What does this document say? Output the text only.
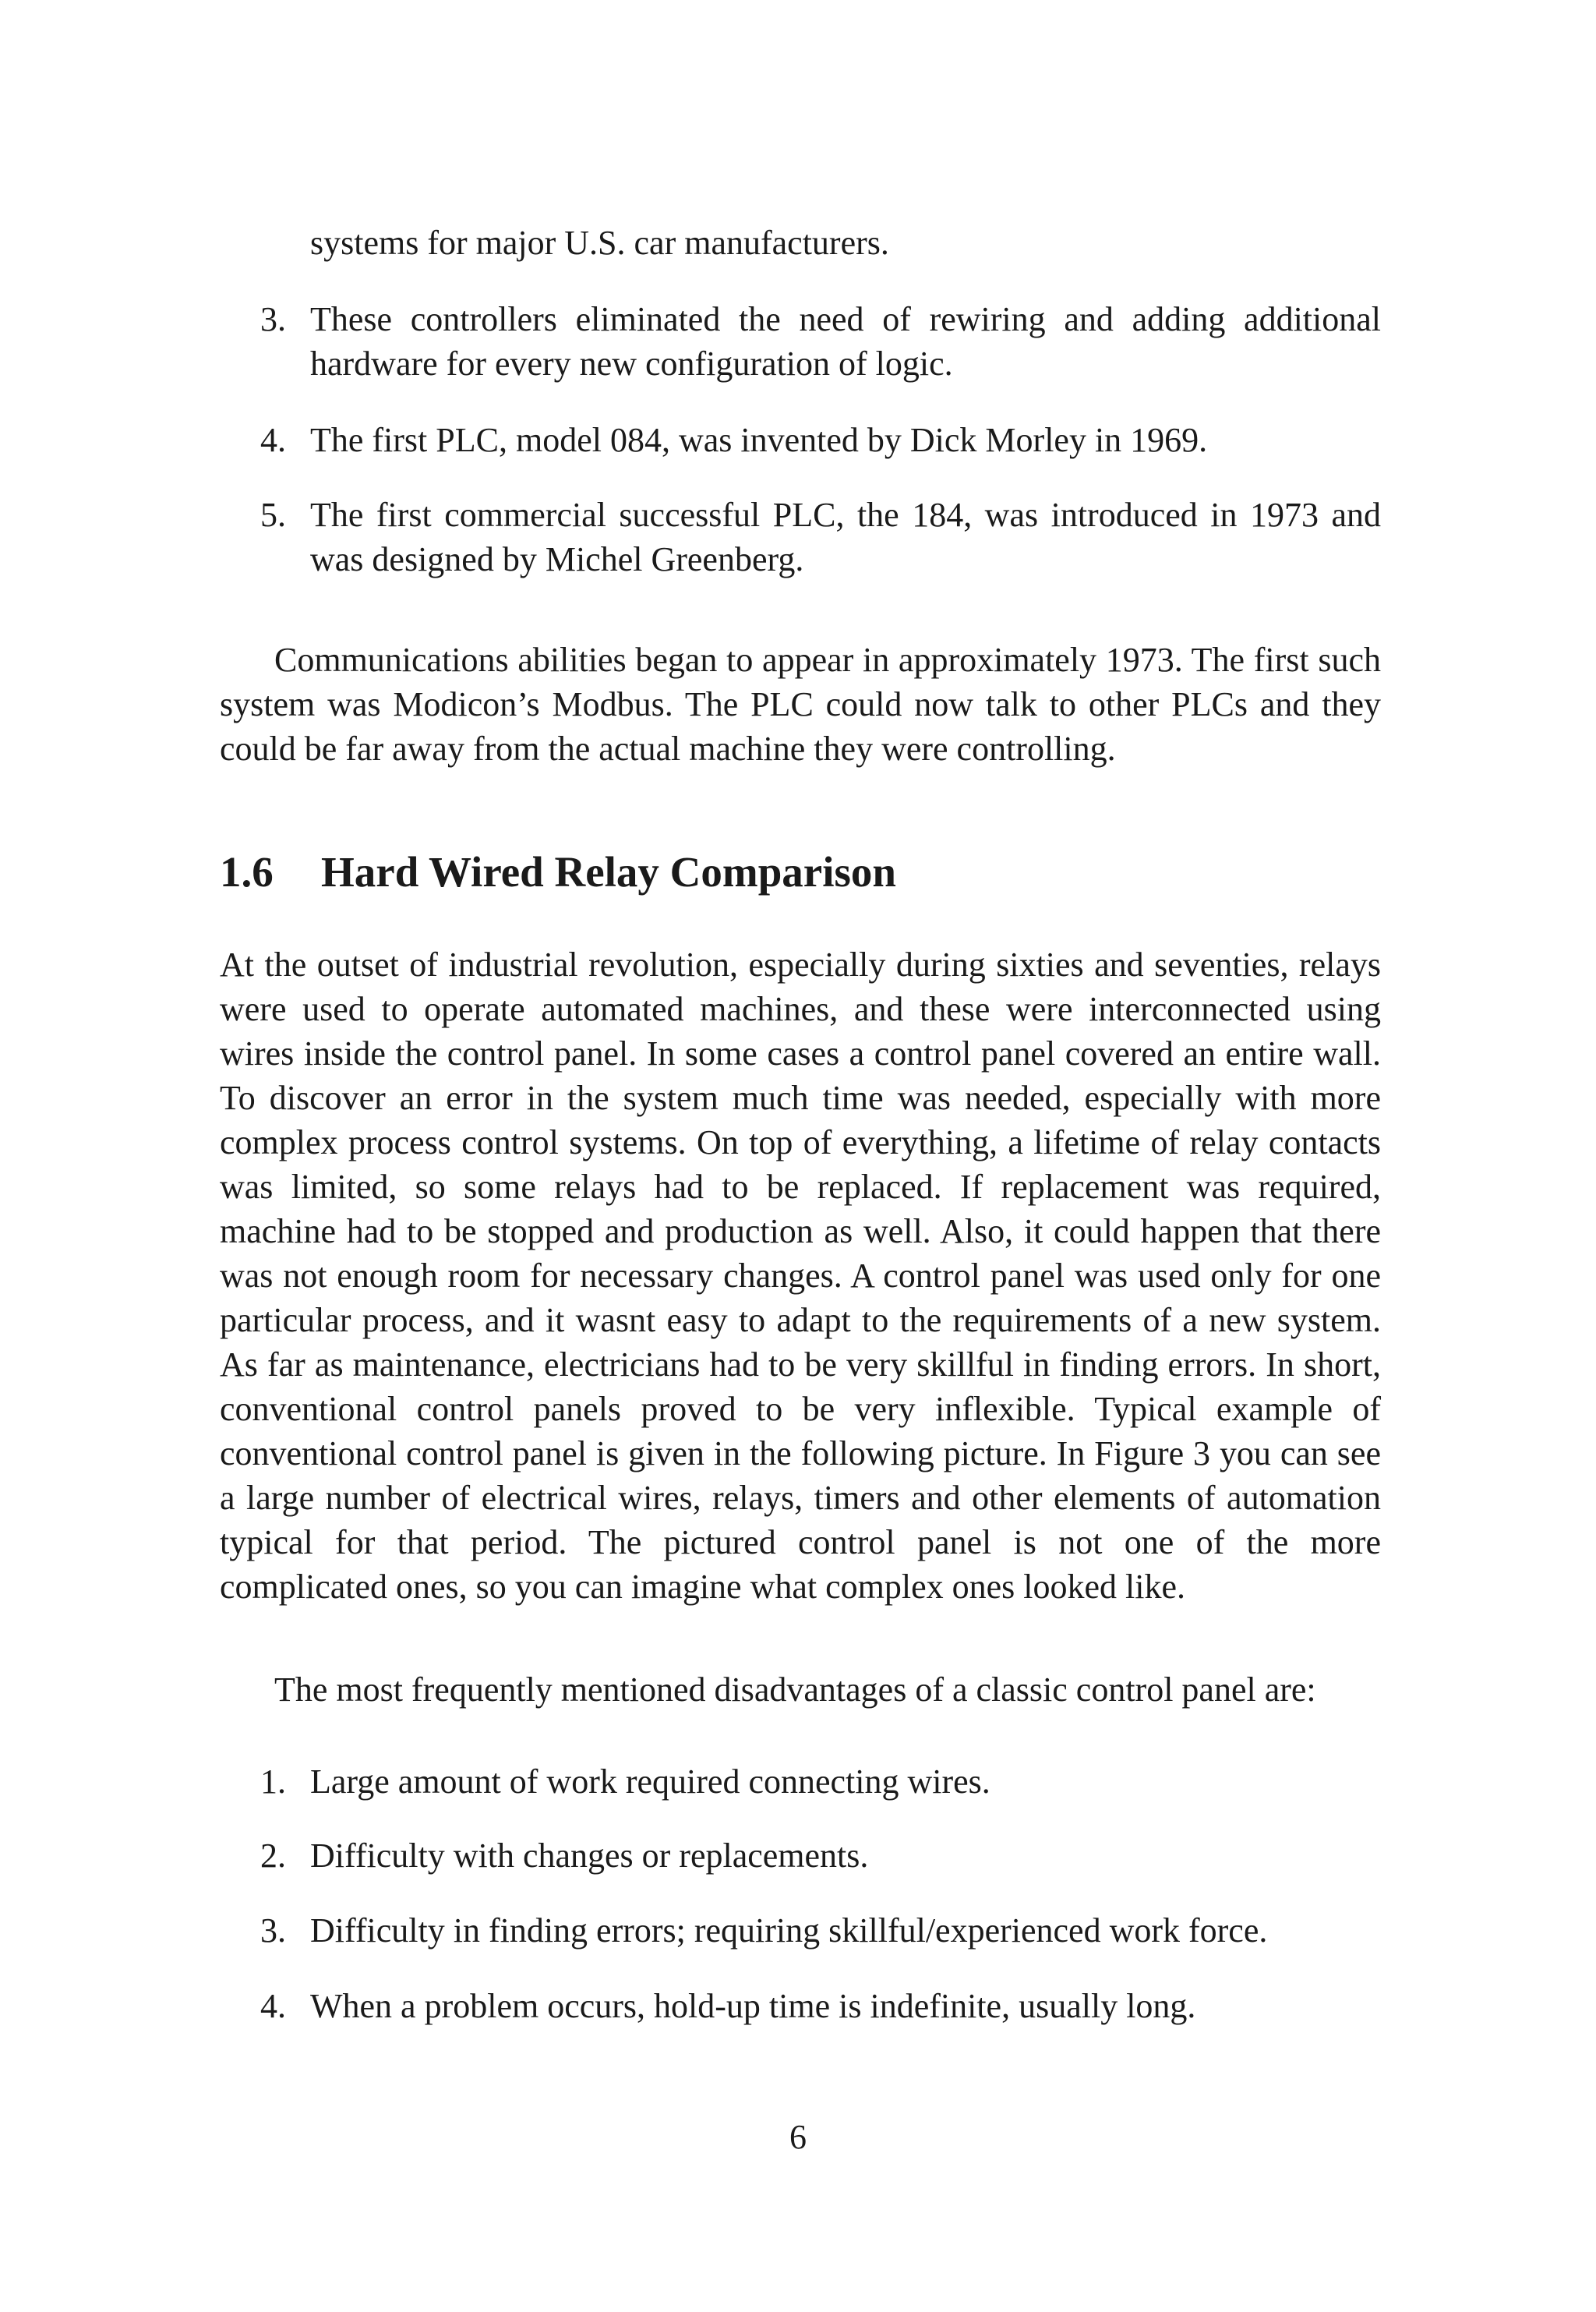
systems for major U.S. car manufacturers.

3. These controllers eliminated the need of rewiring and adding additional hardware for every new configuration of logic.
4. The first PLC, model 084, was invented by Dick Morley in 1969.
5. The first commercial successful PLC, the 184, was introduced in 1973 and was designed by Michel Greenberg.

Communications abilities began to appear in approximately 1973. The first such system was Modicon’s Modbus. The PLC could now talk to other PLCs and they could be far away from the actual machine they were controlling.

1.6 Hard Wired Relay Comparison

At the outset of industrial revolution, especially during sixties and seventies, relays were used to operate automated machines, and these were interconnected using wires inside the control panel. In some cases a control panel covered an entire wall. To discover an error in the system much time was needed, especially with more complex process control systems. On top of everything, a lifetime of relay contacts was limited, so some relays had to be replaced. If replacement was required, machine had to be stopped and production as well. Also, it could happen that there was not enough room for necessary changes. A control panel was used only for one particular process, and it wasnt easy to adapt to the requirements of a new system. As far as maintenance, electricians had to be very skillful in finding errors. In short, conventional control panels proved to be very inflexible. Typical example of conventional control panel is given in the following picture. In Figure 3 you can see a large number of electrical wires, relays, timers and other elements of automation typical for that period. The pictured control panel is not one of the more complicated ones, so you can imagine what complex ones looked like.

The most frequently mentioned disadvantages of a classic control panel are:

1. Large amount of work required connecting wires.
2. Difficulty with changes or replacements.
3. Difficulty in finding errors; requiring skillful/experienced work force.
4. When a problem occurs, hold-up time is indefinite, usually long.
6
